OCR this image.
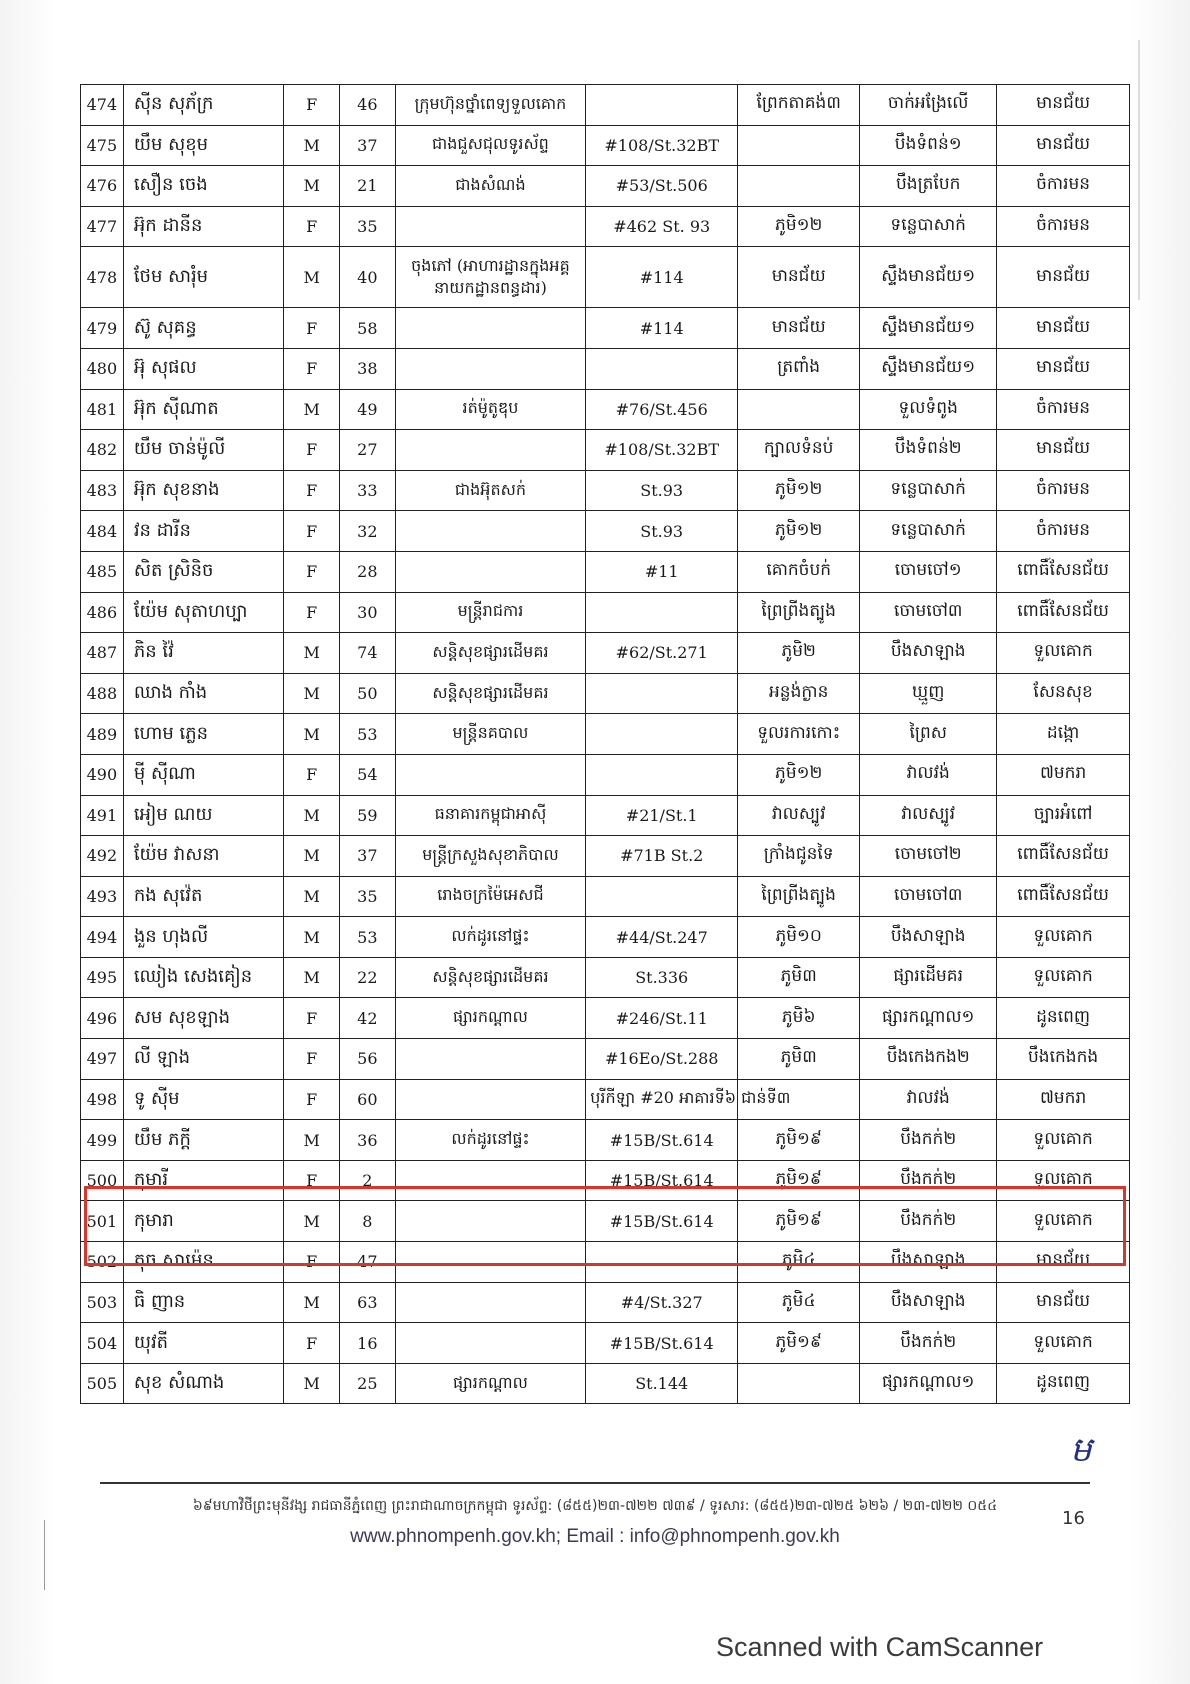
474	ស៊ីន សុភ័ក្រ	F	46	ក្រុមហ៊ុនថ្នាំពេទ្យទួលគោក		ព្រែកតាគង់៣	ចាក់អង្រែលើ	មានជ័យ
475	យឹម សុខុម	M	37	ជាងជួសជុលទូរស័ព្ទ	#108/St.32BT		បឹងទំពន់១	មានជ័យ
476	សឿន ចេង	M	21	ជាងសំណង់	#53/St.506		បឹងត្របែក	ចំការមន
477	អ៊ុក ដានីន	F	35		#462 St. 93	ភូមិ១២	ទន្លេបាសាក់	ចំការមន
478	ថែម សារុំម	M	40	ចុងភៅ (អាហារដ្ឋានក្នុងអគ្គនាយកដ្ឋានពន្ធដារ)	#114	មានជ័យ	ស្ទឹងមានជ័យ១	មានជ័យ
479	ស៊ូ សុគន្ធ	F	58		#114	មានជ័យ	ស្ទឹងមានជ័យ១	មានជ័យ
480	អ៊ុ សុផល	F	38			ត្រពាំង	ស្ទឹងមានជ័យ១	មានជ័យ
481	អ៊ុក ស៊ីណាត	M	49	រត់ម៉ូតូឌុប	#76/St.456		ទួលទំពូង	ចំការមន
482	យឹម ចាន់ម៉ូលី	F	27		#108/St.32BT	ក្បាលទំនប់	បឹងទំពន់២	មានជ័យ
483	អ៊ុក សុខនាង	F	33	ជាងអ៊ុតសក់	St.93	ភូមិ១២	ទន្លេបាសាក់	ចំការមន
484	វន ដារីន	F	32		St.93	ភូមិ១២	ទន្លេបាសាក់	ចំការមន
485	សិត ស្រិនិច	F	28		#11	គោកចំបក់	ចោមចៅ១	ពោធិ៍សែនជ័យ
486	យ៉ែម សុតាហប្បា	F	30	មន្ត្រីរាជការ		ព្រៃព្រីងត្បូង	ចោមចៅ៣	ពោធិ៍សែនជ័យ
487	ភិន វ៉ៃ	M	74	សន្តិសុខផ្សារដើមគរ	#62/St.271	ភូមិ២	បឹងសាឡាង	ទួលគោក
488	ឈាង កាំង	M	50	សន្តិសុខផ្សារដើមគរ		អន្លង់ក្ងាន	ឃ្មួញ	សែនសុខ
489	ហោម ភ្លេន	M	53	មន្ត្រីនគបាល		ទួលរការកោះ	ព្រៃស	ដង្កោ
490	ម៉ី ស៊ីណា	F	54			ភូមិ១២	វាលវង់	៧មករា
491	អៀម ណយ	M	59	ធនាគារកម្ពុជាអាស៊ី	#21/St.1	វាលស្បូវ	វាលស្បូវ	ច្បារអំពៅ
492	យ៉ែម វាសនា	M	37	មន្ត្រីក្រសួងសុខាភិបាល	#71B St.2	ក្រាំងជូនទៃ	ចោមចៅ២	ពោធិ៍សែនជ័យ
493	កង សុវ៉េត	M	35	រោងចក្រម៉ៃអេសជី		ព្រៃព្រីងត្បូង	ចោមចៅ៣	ពោធិ៍សែនជ័យ
494	ងួន ហុងលី	M	53	លក់ដូរនៅផ្ទះ	#44/St.247	ភូមិ១០	បឹងសាឡាង	ទួលគោក
495	ឈៀង សេងគៀន	M	22	សន្តិសុខផ្សារដើមគរ	St.336	ភូមិ៣	ផ្សារដើមគរ	ទួលគោក
496	សម សុខឡាង	F	42	ផ្សារកណ្តាល	#246/St.11	ភូមិ៦	ផ្សារកណ្តាល១	ដូនពេញ
497	លី ឡាង	F	56		#16Eo/St.288	ភូមិ៣	បឹងកេងកង២	បឹងកេងកង
498	ទូ ស៊ីម	F	60		បុរីកីឡា #20 អាគារទី៦ ជាន់ទី៣		វាលវង់	៧មករា
499	យឹម ភក្តី	M	36	លក់ដូរនៅផ្ទះ	#15B/St.614	ភូមិ១៩	បឹងកក់២	ទួលគោក
500	កុមារី	F	2		#15B/St.614	ភូមិ១៩	បឹងកក់២	ទួលគោក
501	កុមារា	M	8		#15B/St.614	ភូមិ១៩	បឹងកក់២	ទួលគោក
502	តុច សាម៉េន	F	47			ភូមិ៤	បឹងសាឡាង	មានជ័យ
503	ធិ ញាន	M	63		#4/St.327	ភូមិ៤	បឹងសាឡាង	មានជ័យ
504	យុវតី	F	16		#15B/St.614	ភូមិ១៩	បឹងកក់២	ទួលគោក
505	សុខ សំណាង	M	25	ផ្សារកណ្តាល	St.144		ផ្សារកណ្តាល១	ដូនពេញ
ម
៦៩មហាវិថីព្រះមុនីវង្ស រាជធានីភ្នំពេញ ព្រះរាជាណាចក្រកម្ពុជា ទូរស័ព្ទ: (៨៥៥)២៣-៧២២ ៧៣៩ / ទូរសារ: (៨៥៥)២៣-៧២៥ ៦២៦ / ២៣-៧២២ ០៥៤
16
www.phnompenh.gov.kh; Email : info@phnompenh.gov.kh
Scanned with CamScanner
